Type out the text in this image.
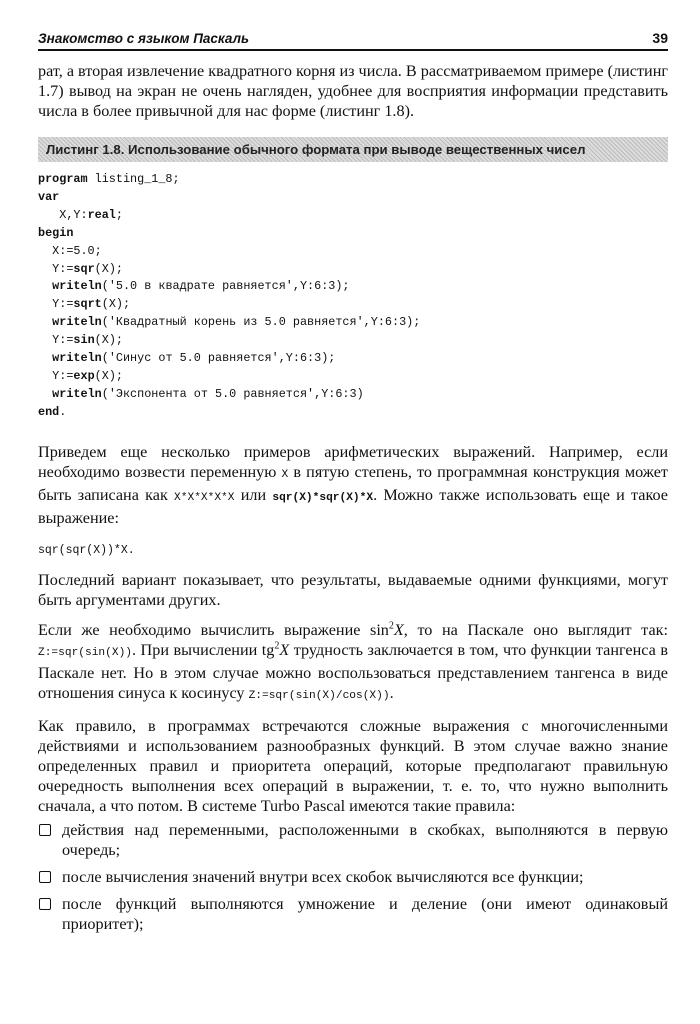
Знакомство с языком Паскаль	39

рат, а вторая извлечение квадратного корня из числа. В рассматриваемом примере (листинг 1.7) вывод на экран не очень нагляден, удобнее для восприятия информации представить числа в более привычной для нас форме (листинг 1.8).

Листинг 1.8. Использование обычного формата при выводе вещественных чисел
program listing_1_8;
var
X,Y:real;
begin
X:=5.0;
Y:=sqr(X);
writeln('5.0 в квадрате равняется',Y:6:3);
Y:=sqrt(X);
writeln('Квадратный корень из 5.0 равняется',Y:6:3);
Y:=sin(X);
writeln('Синус от 5.0 равняется',Y:6:3);
Y:=exp(X);
writeln('Экспонента от 5.0 равняется',Y:6:3)
end.

Приведем еще несколько примеров арифметических выражений. Например, если необходимо возвести переменную X в пятую степень, то программная конструкция может быть записана как X*X*X*X*X или sqr(X)*sqr(X)*X. Можно также использовать еще и такое выражение:

sqr(sqr(X))*X.

Последний вариант показывает, что результаты, выдаваемые одними функциями, могут быть аргументами других.

Если же необходимо вычислить выражение $\sin^2X$, то на Паскале оно выглядит так: Z:=sqr(sin(X)). При вычислении $tg^2X$ трудность заключается в том, что функции тангенса в Паскале нет. Но в этом случае можно воспользоваться представлением тангенса в виде отношения синуса к косинусу Z:=sqr(sin(X)/cos(X)).

Как правило, в программах встречаются сложные выражения с многочисленными действиями и использованием разнообразных функций. В этом случае важно знание определенных правил и приоритета операций, которые предполагают правильную очередность выполнения всех операций в выражении, т. е. то, что нужно выполнить сначала, а что потом. В системе Turbo Pascal имеются такие правила:

действия над переменными, расположенными в скобках, выполняются в первую очередь;
после вычисления значений внутри всех скобок вычисляются все функции;
после функций выполняются умножение и деление (они имеют одинаковый приоритет);
